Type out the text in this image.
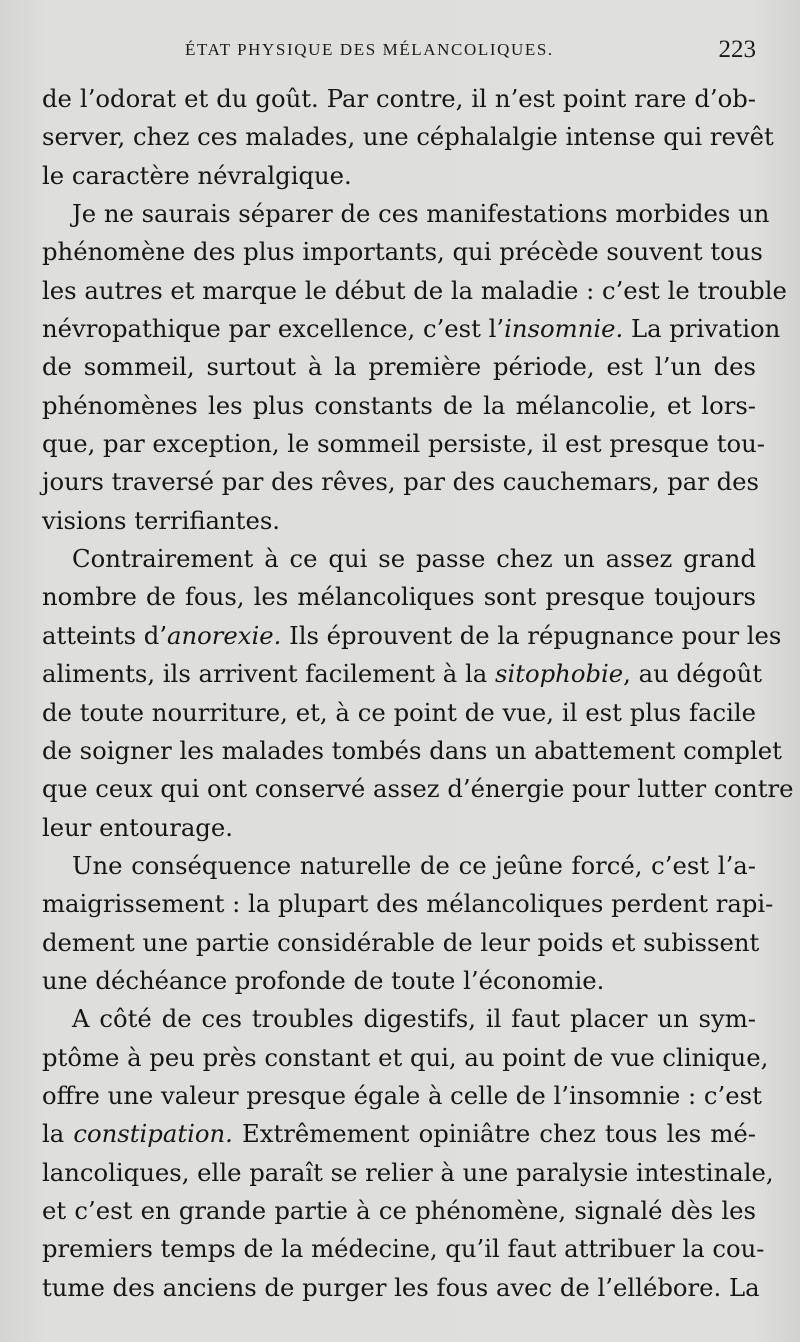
ÉTAT PHYSIQUE DES MÉLANCOLIQUES.	223
de l’odorat et du goût. Par contre, il n’est point rare d’ob-
server, chez ces malades, une céphalalgie intense qui revêt
le caractère névralgique.
Je ne saurais séparer de ces manifestations morbides un
phénomène des plus importants, qui précède souvent tous
les autres et marque le début de la maladie : c’est le trouble
névropathique par excellence, c’est l’insomnie. La privation
de sommeil, surtout à la première période, est l’un des
phénomènes les plus constants de la mélancolie, et lors-
que, par exception, le sommeil persiste, il est presque tou-
jours traversé par des rêves, par des cauchemars, par des
visions terrifiantes.
Contrairement à ce qui se passe chez un assez grand
nombre de fous, les mélancoliques sont presque toujours
atteints d’anorexie. Ils éprouvent de la répugnance pour les
aliments, ils arrivent facilement à la sitophobie, au dégoût
de toute nourriture, et, à ce point de vue, il est plus facile
de soigner les malades tombés dans un abattement complet
que ceux qui ont conservé assez d’énergie pour lutter contre
leur entourage.
Une conséquence naturelle de ce jeûne forcé, c’est l’a-
maigrissement : la plupart des mélancoliques perdent rapi-
dement une partie considérable de leur poids et subissent
une déchéance profonde de toute l’économie.
A côté de ces troubles digestifs, il faut placer un sym-
ptôme à peu près constant et qui, au point de vue clinique,
offre une valeur presque égale à celle de l’insomnie : c’est
la constipation. Extrêmement opiniâtre chez tous les mé-
lancoliques, elle paraît se relier à une paralysie intestinale,
et c’est en grande partie à ce phénomène, signalé dès les
premiers temps de la médecine, qu’il faut attribuer la cou-
tume des anciens de purger les fous avec de l’ellébore. La
